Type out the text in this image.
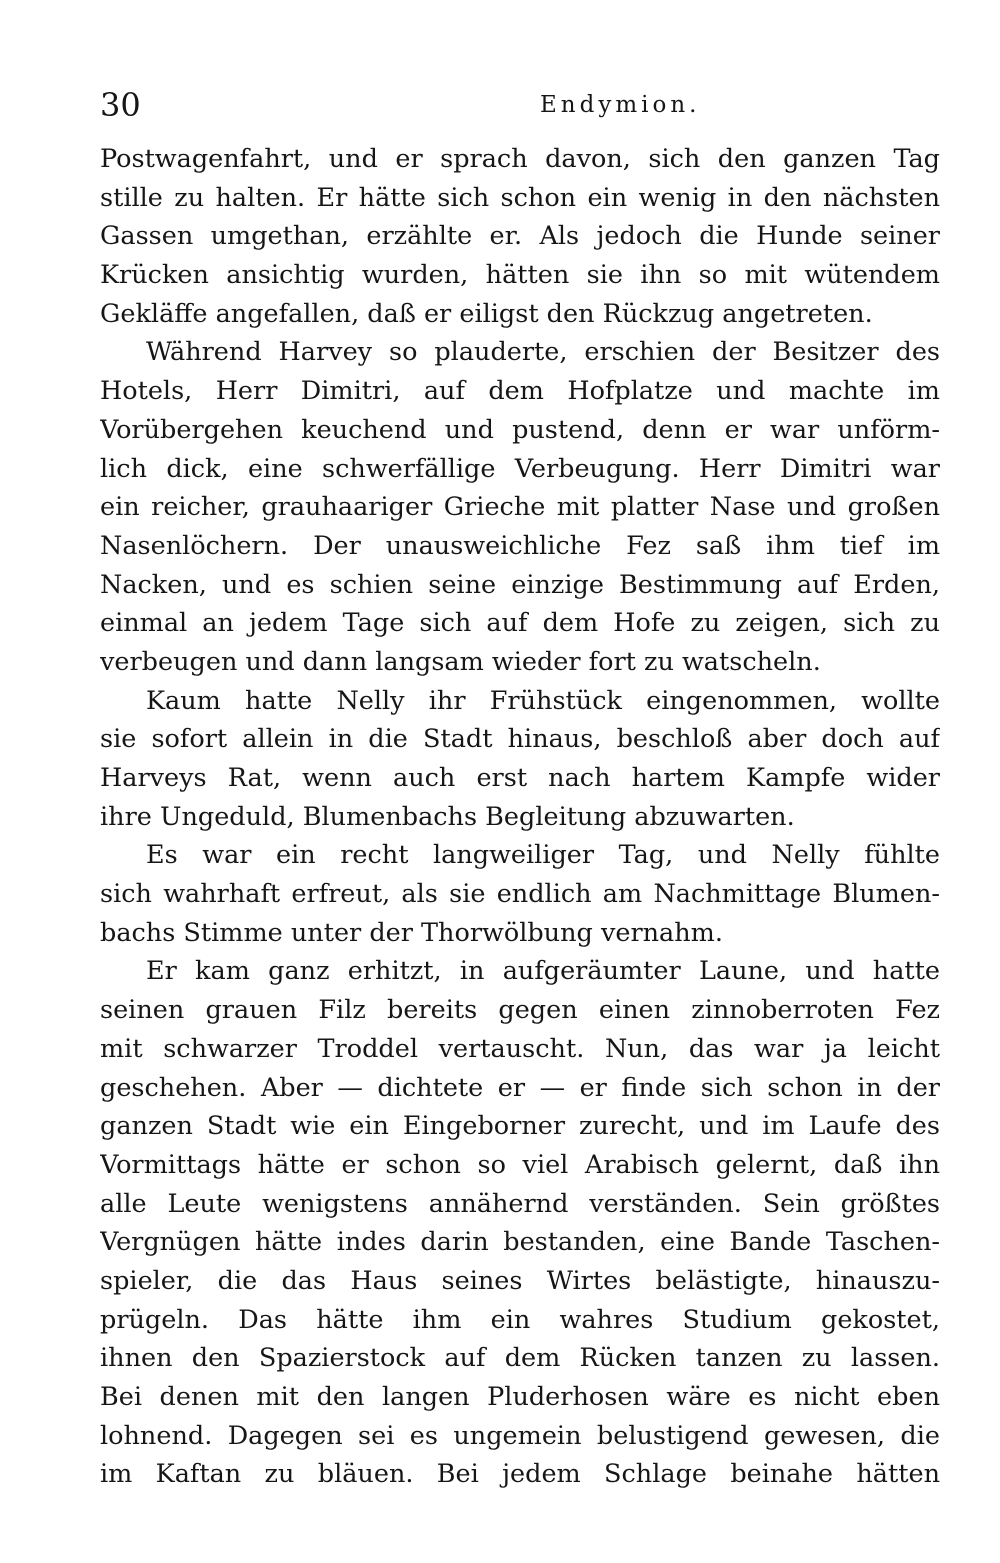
30	Endymion.
Postwagenfahrt, und er sprach davon, sich den ganzen Tag
stille zu halten. Er hätte sich schon ein wenig in den nächsten
Gassen umgethan, erzählte er. Als jedoch die Hunde seiner
Krücken ansichtig wurden, hätten sie ihn so mit wütendem
Gekläffe angefallen, daß er eiligst den Rückzug angetreten.
Während Harvey so plauderte, erschien der Besitzer des
Hotels, Herr Dimitri, auf dem Hofplatze und machte im
Vorübergehen keuchend und pustend, denn er war unförm-
lich dick, eine schwerfällige Verbeugung. Herr Dimitri war
ein reicher, grauhaariger Grieche mit platter Nase und großen
Nasenlöchern. Der unausweichliche Fez saß ihm tief im
Nacken, und es schien seine einzige Bestimmung auf Erden,
einmal an jedem Tage sich auf dem Hofe zu zeigen, sich zu
verbeugen und dann langsam wieder fort zu watscheln.
Kaum hatte Nelly ihr Frühstück eingenommen, wollte
sie sofort allein in die Stadt hinaus, beschloß aber doch auf
Harveys Rat, wenn auch erst nach hartem Kampfe wider
ihre Ungeduld, Blumenbachs Begleitung abzuwarten.
Es war ein recht langweiliger Tag, und Nelly fühlte
sich wahrhaft erfreut, als sie endlich am Nachmittage Blumen-
bachs Stimme unter der Thorwölbung vernahm.
Er kam ganz erhitzt, in aufgeräumter Laune, und hatte
seinen grauen Filz bereits gegen einen zinnoberroten Fez
mit schwarzer Troddel vertauscht. Nun, das war ja leicht
geschehen. Aber — dichtete er — er finde sich schon in der
ganzen Stadt wie ein Eingeborner zurecht, und im Laufe des
Vormittags hätte er schon so viel Arabisch gelernt, daß ihn
alle Leute wenigstens annähernd verständen. Sein größtes
Vergnügen hätte indes darin bestanden, eine Bande Taschen-
spieler, die das Haus seines Wirtes belästigte, hinauszu-
prügeln. Das hätte ihm ein wahres Studium gekostet,
ihnen den Spazierstock auf dem Rücken tanzen zu lassen.
Bei denen mit den langen Pluderhosen wäre es nicht eben
lohnend. Dagegen sei es ungemein belustigend gewesen, die
im Kaftan zu bläuen. Bei jedem Schlage beinahe hätten
